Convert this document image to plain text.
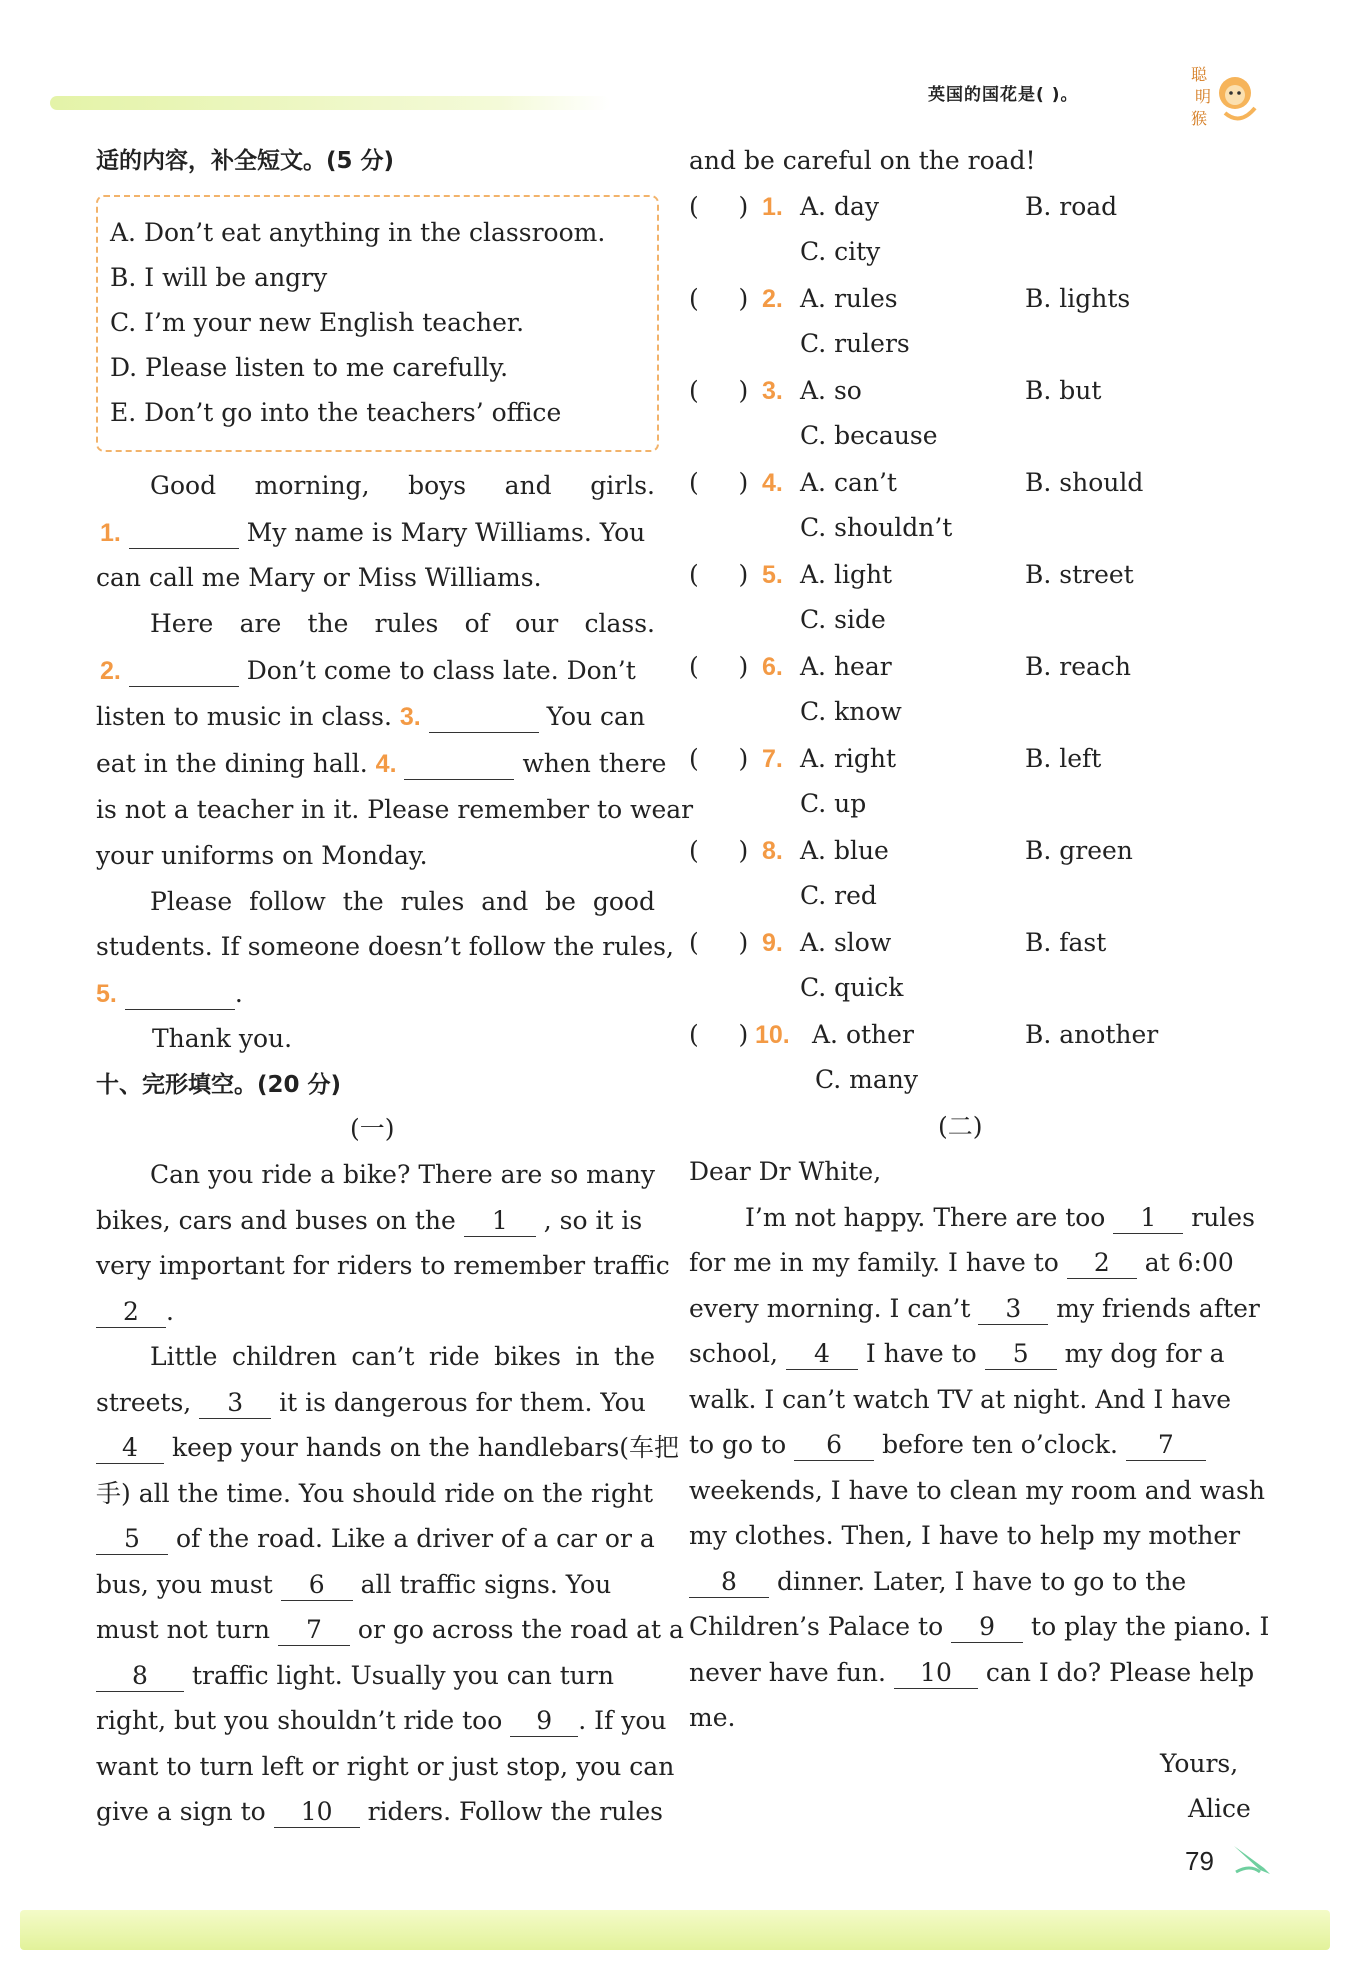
英国的国花是( )。
聪
明
猴
适的内容，补全短文。(5 分)
A. Don’t eat anything in the classroom.
B. I will be angry
C. I’m your new English teacher.
D. Please listen to me carefully.
E. Don’t go into the teachers’ office
Good morning, boys and girls.
1.	My name is Mary Williams. You
can call me Mary or Miss Williams.
Here are the rules of our class.
2.	Don’t come to class late. Don’t
listen to music in class. 3.	You can
eat in the dining hall. 4.	when there
is not a teacher in it. Please remember to wear
your uniforms on Monday.
Please follow the rules and be good
students. If someone doesn’t follow the rules,
5.	.
Thank you.
十、完形填空。(20 分)
(一)
Can you ride a bike? There are so many
bikes, cars and buses on the 1 , so it is
very important for riders to remember traffic
2 .
Little children can’t ride bikes in the
streets, 3 it is dangerous for them. You
4 keep your hands on the handlebars(车把
手) all the time. You should ride on the right
5 of the road. Like a driver of a car or a
bus, you must 6 all traffic signs. You
must not turn 7 or go across the road at a
8 traffic light. Usually you can turn
right, but you shouldn’t ride too 9 . If you
want to turn left or right or just stop, you can
give a sign to 10 riders. Follow the rules
and be careful on the road!
(     ) 1. A. day	B. road
C. city
(     ) 2. A. rules	B. lights
C. rulers
(     ) 3. A. so	B. but
C. because
(     ) 4. A. can’t	B. should
C. shouldn’t
(     ) 5. A. light	B. street
C. side
(     ) 6. A. hear	B. reach
C. know
(     ) 7. A. right	B. left
C. up
(     ) 8. A. blue	B. green
C. red
(     ) 9. A. slow	B. fast
C. quick
(     ) 10. A. other	B. another
C. many
(二)
Dear Dr White,
I’m not happy. There are too 1 rules
for me in my family. I have to 2 at 6:00
every morning. I can’t 3 my friends after
school, 4 I have to 5 my dog for a
walk. I can’t watch TV at night. And I have
to go to 6 before ten o’clock. 7
weekends, I have to clean my room and wash
my clothes. Then, I have to help my mother
8 dinner. Later, I have to go to the
Children’s Palace to 9 to play the piano. I
never have fun. 10 can I do? Please help
me.
Yours,
Alice
79
